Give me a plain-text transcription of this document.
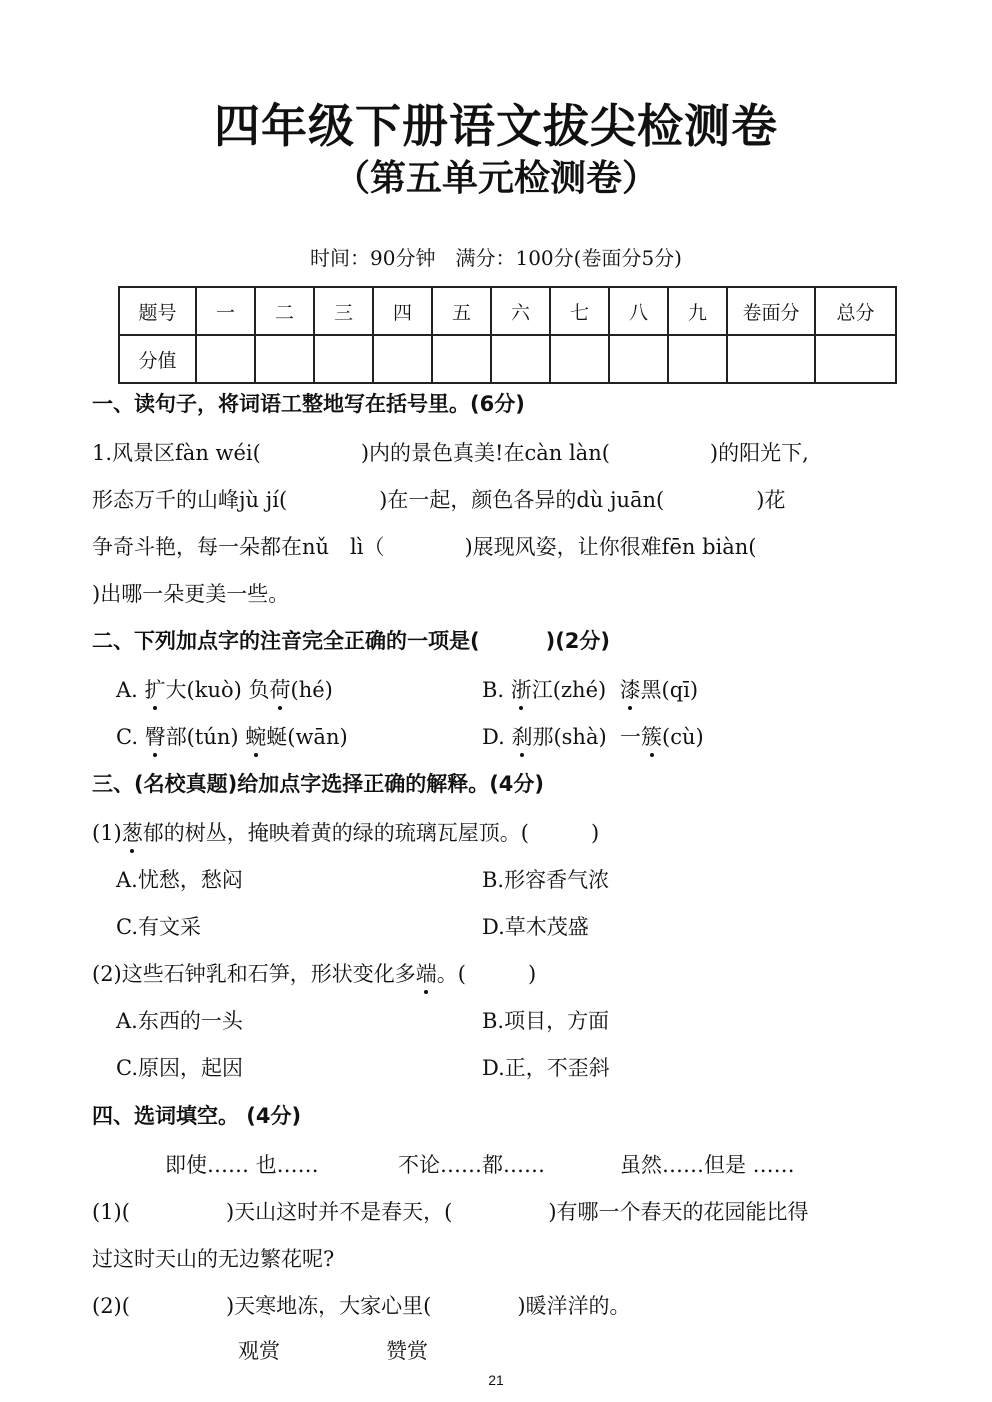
四年级下册语文拔尖检测卷
（第五单元检测卷）
时间：90分钟　满分：100分(卷面分5分)
题号	一	二	三	四	五	六	七	八	九	卷面分	总分
分值											
一、读句子，将词语工整地写在括号里。(6分)
1.风景区fàn wéi(	)内的景色真美!在càn làn(	)的阳光下,
形态万千的山峰jù jí(	)在一起，颜色各异的dù juān(	)花
争奇斗艳，每一朵都在nǔ　lì（	)展现风姿，让你很难fēn biàn(
)出哪一朵更美一些。
二、下列加点字的注音完全正确的一项是(	)(2分)
A. 扩大(kuò) 负荷(hé)	B. 浙江(zhé) 漆黑(qī)
C. 臀部(tún) 蜿蜒(wān)	D. 刹那(shà) 一簇(cù)
三、(名校真题)给加点字选择正确的解释。(4分)
(1)葱郁的树丛，掩映着黄的绿的琉璃瓦屋顶。(	)
A.忧愁，愁闷	B.形容香气浓
C.有文采	D.草木茂盛
(2)这些石钟乳和石笋，形状变化多端。(	)
A.东西的一头	B.项目，方面
C.原因，起因	D.正，不歪斜
四、选词填空。 (4分)
即使…… 也……	不论……都……	虽然……但是 ……
(1)(	)天山这时并不是春天，(	)有哪一个春天的花园能比得
过这时天山的无边繁花呢?
(2)(	)天寒地冻，大家心里(	)暖洋洋的。
观赏	赞赏
21
